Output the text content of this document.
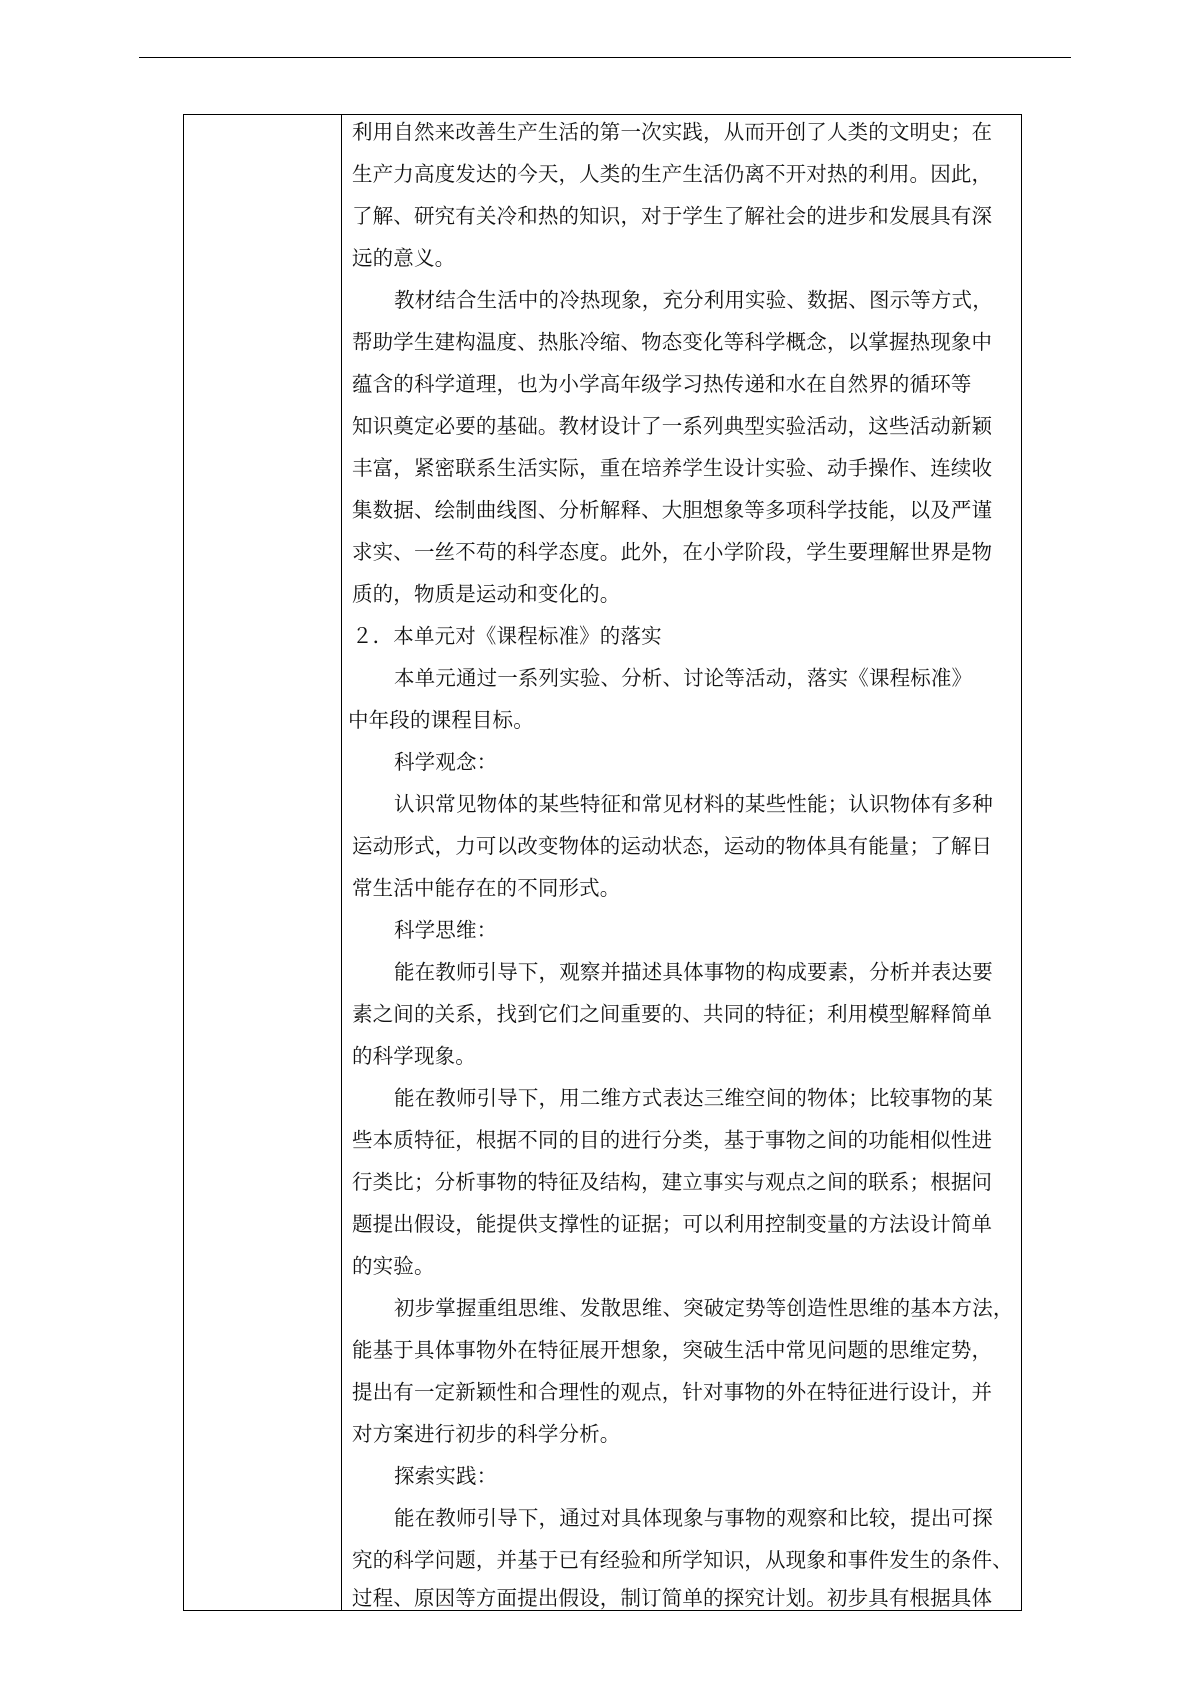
利用自然来改善生产生活的第一次实践，从而开创了人类的文明史；在
生产力高度发达的今天，人类的生产生活仍离不开对热的利用。因此，
了解、研究有关冷和热的知识，对于学生了解社会的进步和发展具有深
远的意义。
教材结合生活中的冷热现象，充分利用实验、数据、图示等方式，
帮助学生建构温度、热胀冷缩、物态变化等科学概念，以掌握热现象中
蕴含的科学道理，也为小学高年级学习热传递和水在自然界的循环等
知识奠定必要的基础。教材设计了一系列典型实验活动，这些活动新颖
丰富，紧密联系生活实际，重在培养学生设计实验、动手操作、连续收
集数据、绘制曲线图、分析解释、大胆想象等多项科学技能，以及严谨
求实、一丝不苟的科学态度。此外，在小学阶段，学生要理解世界是物
质的，物质是运动和变化的。
２．本单元对《课程标准》的落实
本单元通过一系列实验、分析、讨论等活动，落实《课程标准》
中年段的课程目标。
科学观念：
认识常见物体的某些特征和常见材料的某些性能；认识物体有多种
运动形式，力可以改变物体的运动状态，运动的物体具有能量；了解日
常生活中能存在的不同形式。
科学思维：
能在教师引导下，观察并描述具体事物的构成要素，分析并表达要
素之间的关系，找到它们之间重要的、共同的特征；利用模型解释简单
的科学现象。
能在教师引导下，用二维方式表达三维空间的物体；比较事物的某
些本质特征，根据不同的目的进行分类，基于事物之间的功能相似性进
行类比；分析事物的特征及结构，建立事实与观点之间的联系；根据问
题提出假设，能提供支撑性的证据；可以利用控制变量的方法设计简单
的实验。
初步掌握重组思维、发散思维、突破定势等创造性思维的基本方法，
能基于具体事物外在特征展开想象，突破生活中常见问题的思维定势，
提出有一定新颖性和合理性的观点，针对事物的外在特征进行设计，并
对方案进行初步的科学分析。
探索实践：
能在教师引导下，通过对具体现象与事物的观察和比较，提出可探
究的科学问题，并基于已有经验和所学知识，从现象和事件发生的条件、
过程、原因等方面提出假设，制订简单的探究计划。初步具有根据具体
